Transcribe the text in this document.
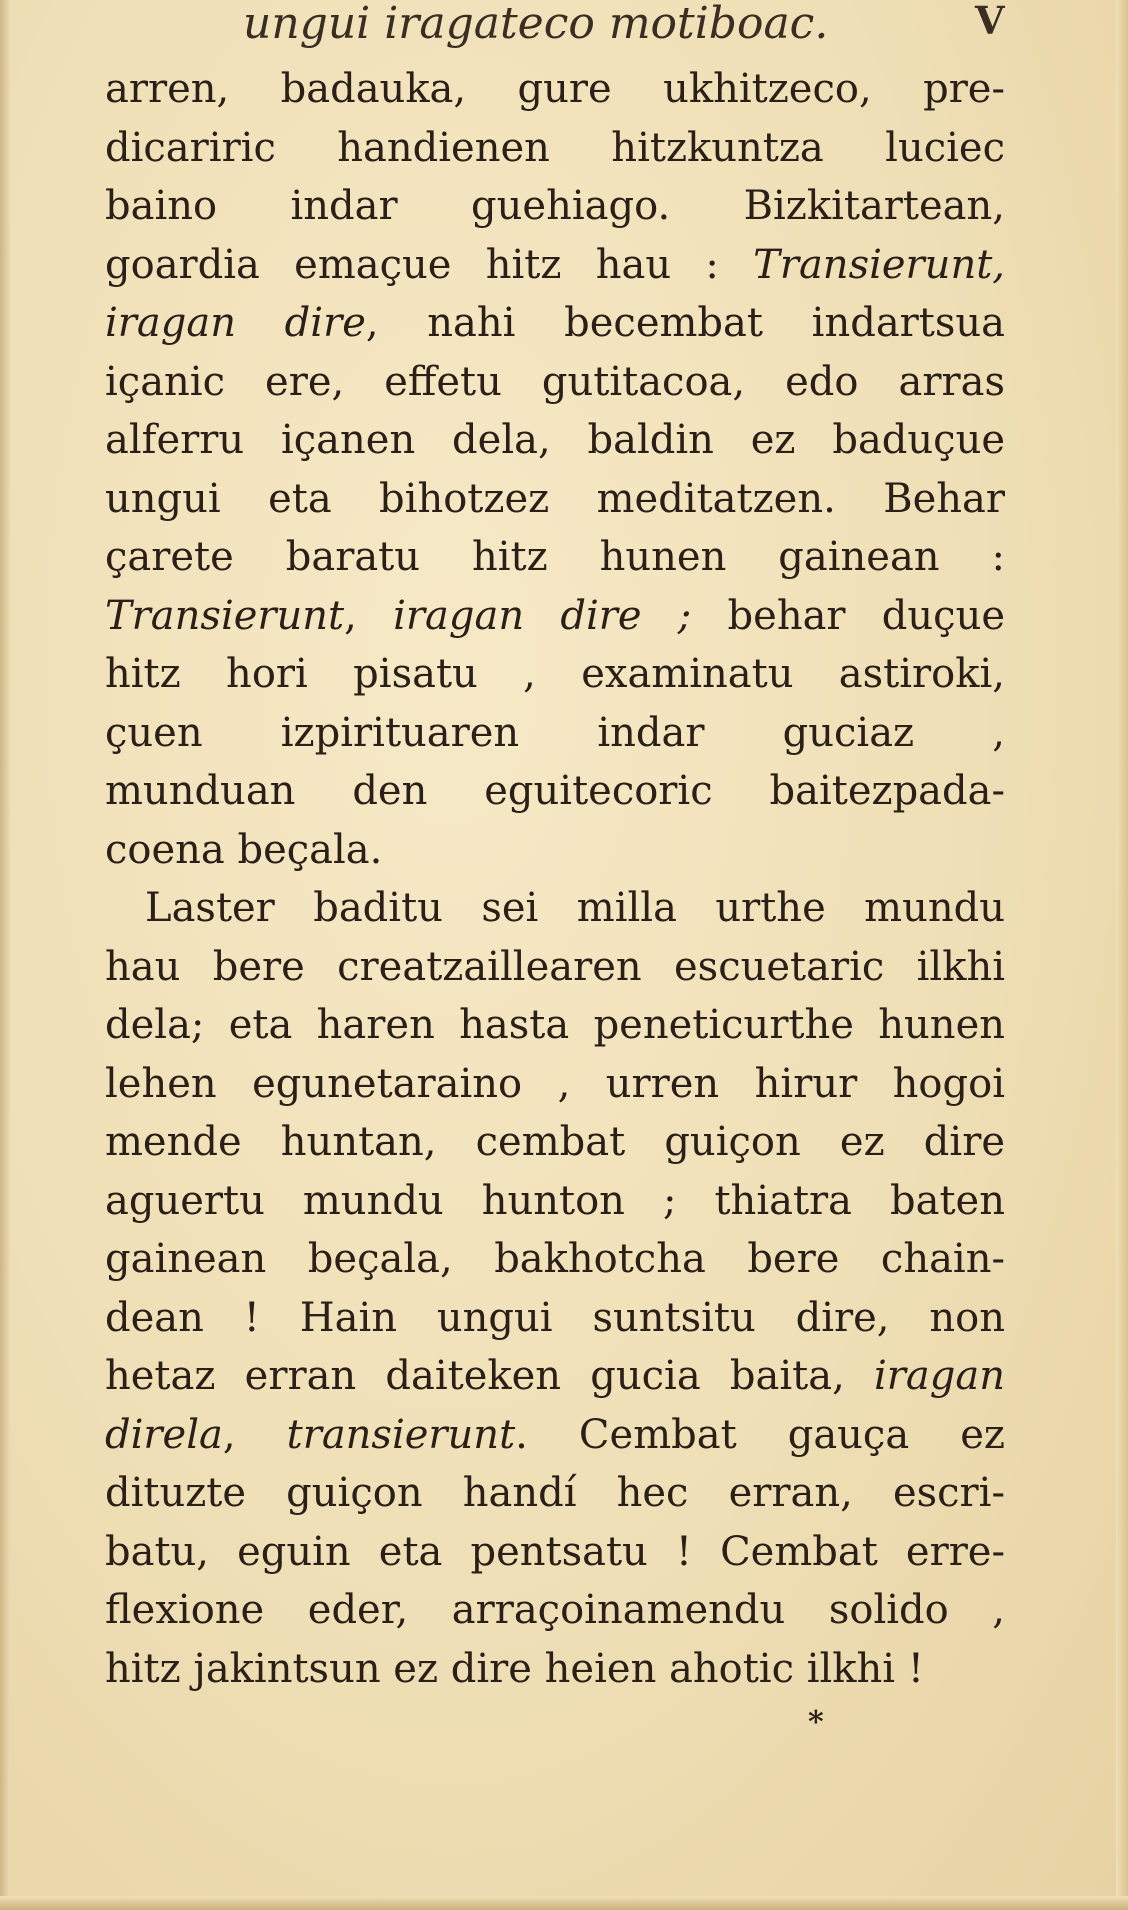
ungui iragateco motiboac.	V
arren, badauka, gure ukhitzeco, pre-
dicariric handienen hitzkuntza luciec
baino indar guehiago. Bizkitartean,
goardia emaçue hitz hau : Transierunt,
iragan dire, nahi becembat indartsua
içanic ere, effetu gutitacoa, edo arras
alferru içanen dela, baldin ez baduçue
ungui eta bihotzez meditatzen. Behar
çarete baratu hitz hunen gainean :
Transierunt, iragan dire ; behar duçue
hitz hori pisatu , examinatu astiroki,
çuen izpirituaren indar guciaz ,
munduan den eguitecoric baitezpada-
coena beçala.
Laster baditu sei milla urthe mundu
hau bere creatzaillearen escuetaric ilkhi
dela; eta haren hasta peneticurthe hunen
lehen egunetaraino , urren hirur hogoi
mende huntan, cembat guiçon ez dire
aguertu mundu hunton ; thiatra baten
gainean beçala, bakhotcha bere chain-
dean ! Hain ungui suntsitu dire, non
hetaz erran daiteken gucia baita, iragan
direla, transierunt. Cembat gauça ez
dituzte guiçon handí hec erran, escri-
batu, eguin eta pentsatu ! Cembat erre-
flexione eder, arraçoinamendu solido ,
hitz jakintsun ez dire heien ahotic ilkhi !
*
